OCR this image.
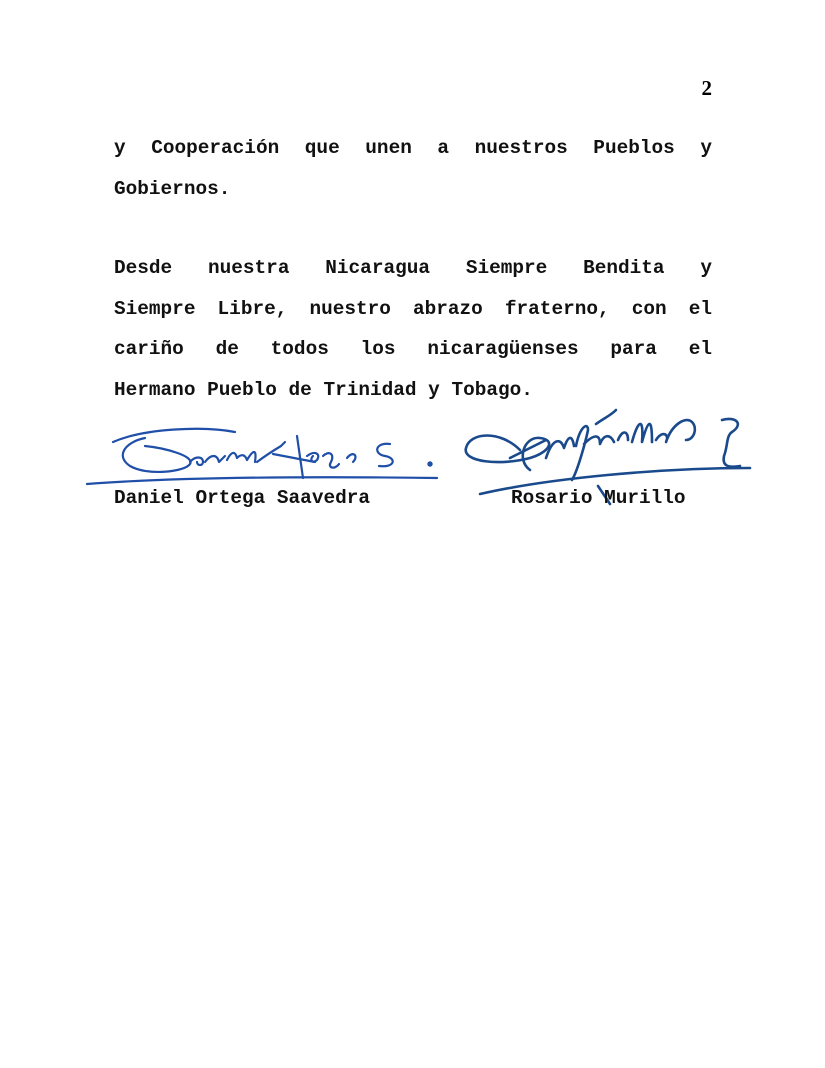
2
y Cooperación que unen a nuestros Pueblos y
Gobiernos.
Desde nuestra Nicaragua Siempre Bendita y
Siempre Libre, nuestro abrazo fraterno, con el
cariño de todos los nicaragüenses para el
Hermano Pueblo de Trinidad y Tobago.
Daniel Ortega Saavedra	Rosario Murillo
